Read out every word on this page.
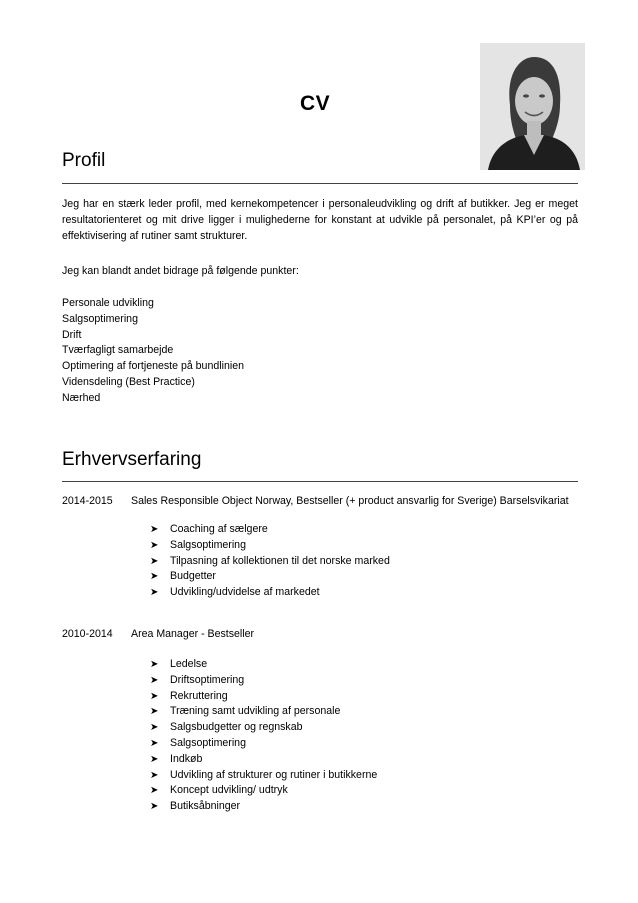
CV
Profil
Jeg har en stærk leder profil, med kernekompetencer i personaleudvikling og drift af butikker. Jeg er meget resultatorienteret og mit drive ligger i mulighederne for konstant at udvikle på personalet, på KPI’er og på effektivisering af rutiner samt strukturer.
Jeg kan blandt andet bidrage på følgende punkter:
Personale udvikling
Salgsoptimering
Drift
Tværfagligt samarbejde
Optimering af fortjeneste på bundlinien
Vidensdeling (Best Practice)
Nærhed
Erhvervserfaring
2014-2015 Sales Responsible Object Norway, Bestseller (+ product ansvarlig for Sverige) Barselsvikariat
➤ Coaching af sælgere
➤ Salgsoptimering
➤ Tilpasning af kollektionen til det norske marked
➤ Budgetter
➤ Udvikling/udvidelse af markedet
2010-2014 Area Manager - Bestseller
➤ Ledelse
➤ Driftsoptimering
➤ Rekruttering
➤ Træning samt udvikling af personale
➤ Salgsbudgetter og regnskab
➤ Salgsoptimering
➤ Indkøb
➤ Udvikling af strukturer og rutiner i butikkerne
➤ Koncept udvikling/ udtryk
➤ Butiksåbninger
